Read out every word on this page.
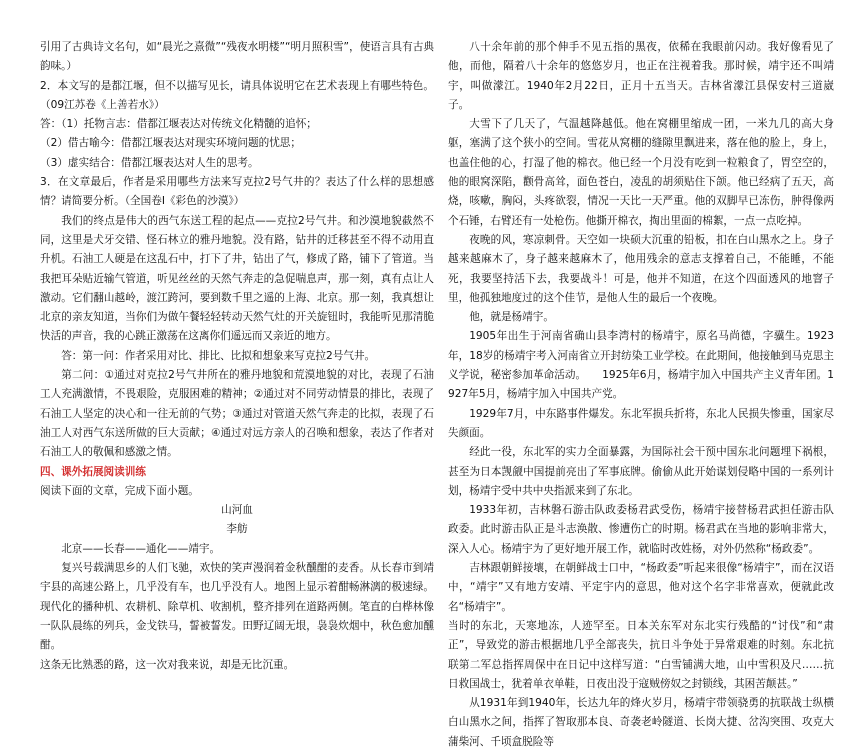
引用了古典诗文名句，如“晨光之熹微”“残夜水明楼”“明月照积雪”，使语言具有古典韵味。）

2．本文写的是都江堰，但不以描写见长，请具体说明它在艺术表现上有哪些特色。（09江苏卷《上善若水》）

答：（1）托物言志：借都江堰表达对传统文化精髓的追怀；

（2）借古喻今：借都江堰表达对现实环境问题的忧思；

（3）虚实结合：借都江堰表达对人生的思考。

3．在文章最后，作者是采用哪些方法来写克拉2号气井的？表达了什么样的思想感情？请简要分析。（全国卷Ⅰ《彩色的沙漠》）

我们的终点是伟大的西气东送工程的起点——克拉2号气井。和沙漠地貌截然不同，这里是犬牙交错、怪石林立的雅丹地貌。没有路，钻井的迁移甚至不得不动用直升机。石油工人硬是在这乱石中，打下了井，钻出了气，修成了路，铺下了管道。当我把耳朵贴近输气管道，听见丝丝的天然气奔走的急促喘息声，那一刻，真有点让人激动。它们翻山越岭，渡江跨河，要到数千里之遥的上海、北京。那一刻，我真想让北京的亲友知道，当你们为做午餐轻轻转动天然气灶的开关旋钮时，我能听见那清脆快活的声音，我的心跳正激荡在这离你们遥远而又亲近的地方。

答：第一问：作者采用对比、排比、比拟和想象来写克拉2号气井。

第二问：①通过对克拉2号气井所在的雅丹地貌和荒漠地貌的对比，表现了石油工人充满激情，不畏艰险，克服困难的精神；②通过对不同劳动情景的排比，表现了石油工人坚定的决心和一往无前的气势；③通过对管道天然气奔走的比拟，表现了石油工人对西气东送所做的巨大贡献；④通过对远方亲人的召唤和想象，表达了作者对石油工人的敬佩和感激之情。

四、课外拓展阅读训练

阅读下面的文章，完成下面小题。

山河血

李舫

北京——长春——通化——靖宇。

复兴号载满思乡的人们飞驰，欢快的笑声漫润着金秋醺酣的麦香。从长春市到靖宇县的高速公路上，几乎没有车，也几乎没有人。地图上显示着酣畅淋漓的极速绿。现代化的播种机、农耕机、除草机、收割机，整齐排列在道路两侧。笔直的白桦林像一队队晨练的列兵，金戈铁马，誓被誓发。田野辽阔无垠，袅袅炊烟中，秋色愈加醺酣。

这条无比熟悉的路，这一次对我来说，却是无比沉重。

八十余年前的那个伸手不见五指的黑夜，依稀在我眼前闪动。我好像看见了他，而他，隔着八十余年的悠悠岁月，也正在注视着我。那时候，靖宇还不叫靖宇，叫做濛江。1940年2月22日，正月十五当天。吉林省濛江县保安村三道崴子。

大雪下了几天了，气温越降越低。他在窝棚里缩成一团，一米九几的高大身躯，塞满了这个狭小的空间。雪花从窝棚的缝隙里飘进来，落在他的脸上，身上，也盖住他的心，打湿了他的棉衣。他已经一个月没有吃到一粒粮食了，胃空空的，他的眼窝深陷，颧骨高耸，面色苍白，凌乱的胡须贴住下颌。他已经病了五天，高烧，咳嗽，胸闷，头疼欲裂，情况一天比一天严重。他的双脚早已冻伤，肿得像两个石锤，右臂还有一处枪伤。他撕开棉衣，掏出里面的棉絮，一点一点吃掉。

夜晚的风，寒凉刺骨。天空如一块硕大沉重的铅板，扣在白山黑水之上。身子越来越麻木了，身子越来越麻木了，他用残余的意志支撑着自己，不能睡，不能死，我要坚持活下去，我要战斗！可是，他并不知道，在这个四面透风的地窨子里，他孤独地度过的这个佳节，是他人生的最后一个夜晚。

他，就是杨靖宇。

1905年出生于河南省确山县李湾村的杨靖宇，原名马尚德，字骥生。1923年，18岁的杨靖宇考入河南省立开封纺染工业学校。在此期间，他接触到马克思主义学说，秘密参加革命活动。　　1925年6月，杨靖宇加入中国共产主义青年团。1927年5月，杨靖宇加入中国共产党。

1929年7月，中东路事件爆发。东北军损兵折将，东北人民损失惨重，国家尽失颜面。

经此一役，东北军的实力全面暴露，为国际社会干预中国东北问题埋下祸根，甚至为日本觊觎中国提前亮出了军事底牌。偷偷从此开始谋划侵略中国的一系列计划，杨靖宇受中共中央指派来到了东北。

1933年初，吉林磐石游击队政委杨君武受伤，杨靖宇接替杨君武担任游击队政委。此时游击队正是斗志涣散、惨遭伤亡的时期。杨君武在当地的影响非常大，深入人心。杨靖宇为了更好地开展工作，就临时改姓杨，对外仍然称“杨政委”。

吉林跟朝鲜接壤，在朝鲜战士口中，“杨政委”听起来很像“杨靖宇”，而在汉语中，“靖宇”又有地方安靖、平定宇内的意思，他对这个名字非常喜欢，便就此改名“杨靖宇”。

当时的东北，天寒地冻，人迹罕至。日本关东军对东北实行残酷的“讨伐”和“肃正”，导致党的游击根据地几乎全部丧失，抗日斗争处于异常艰难的时刻。东北抗联第二军总指挥周保中在日记中这样写道：“白雪铺满大地，山中雪积及尺……抗日救国战士，犹着单衣单鞋，日夜出没于寇贼傍奴之封锁线，其困苦颠甚。”

从1931年到1940年，长达九年的烽火岁月，杨靖宇带领骁勇的抗联战士纵横白山黑水之间，指挥了智取那本良、奇袭老岭隧道、长岗大捷、岔沟突围、攻克大蒲柴河、千顷盒脱险等
